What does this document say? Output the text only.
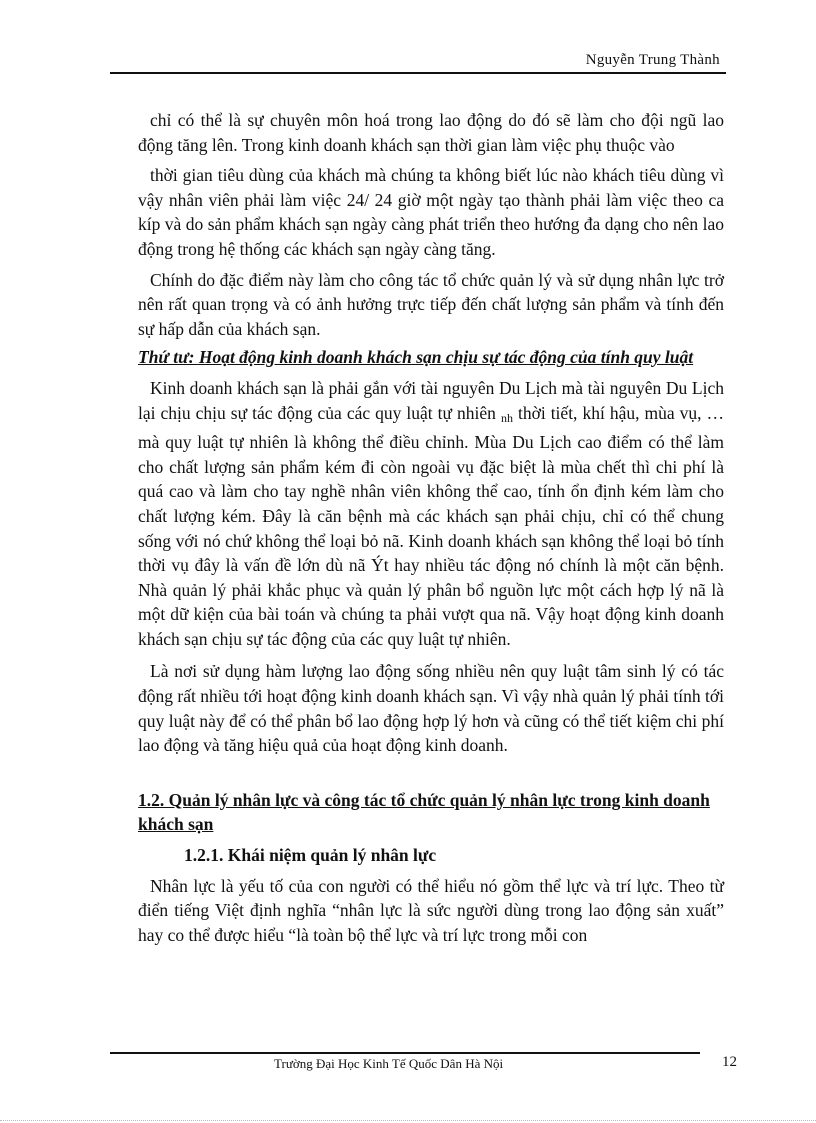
Nguyễn Trung Thành

chỉ có thể là sự chuyên môn hoá trong lao động do đó sẽ làm cho đội ngũ lao động tăng lên. Trong kinh doanh khách sạn thời gian làm việc phụ thuộc vào

thời gian tiêu dùng của khách mà chúng ta không biết lúc nào khách tiêu dùng vì vậy nhân viên phải làm việc 24/ 24 giờ một ngày tạo thành phải làm việc theo ca kíp và do sản phẩm khách sạn ngày càng phát triển theo hướng đa dạng cho nên lao động trong hệ thống các khách sạn ngày càng tăng.

Chính do đặc điểm này làm cho công tác tổ chức quản lý và sử dụng nhân lực trở nên rất quan trọng và có ảnh hưởng trực tiếp đến chất lượng sản phẩm và tính đến sự hấp dẫn của khách sạn.

Thứ tư: Hoạt động kinh doanh khách sạn chịu sự tác động của tính quy luật

Kinh doanh khách sạn là phải gắn với tài nguyên Du Lịch mà tài nguyên Du Lịch lại chịu chịu sự tác động của các quy luật tự nhiên $_{nh}$ thời tiết, khí hậu, mùa vụ, … mà quy luật tự nhiên là không thể điều chỉnh. Mùa Du Lịch cao điểm có thể làm cho chất lượng sản phẩm kém đi còn ngoài vụ đặc biệt là mùa chết thì chi phí là quá cao và làm cho tay nghề nhân viên không thể cao, tính ổn định kém làm cho chất lượng kém. Đây là căn bệnh mà các khách sạn phải chịu, chỉ có thể chung sống với nó chứ không thể loại bỏ nã. Kinh doanh khách sạn không thể loại bỏ tính thời vụ đây là vấn đề lớn dù nã Ýt hay nhiều tác động nó chính là một căn bệnh. Nhà quản lý phải khắc phục và quản lý phân bổ nguồn lực một cách hợp lý nã là một dữ kiện của bài toán và chúng ta phải vượt qua nã. Vậy hoạt động kinh doanh khách sạn chịu sự tác động của các quy luật tự nhiên.

Là nơi sử dụng hàm lượng lao động sống nhiều nên quy luật tâm sinh lý có tác động rất nhiều tới hoạt động kinh doanh khách sạn. Vì vậy nhà quản lý phải tính tới quy luật này để có thể phân bổ lao động hợp lý hơn và cũng có thể tiết kiệm chi phí lao động và tăng hiệu quả của hoạt động kinh doanh.

1.2. Quản lý nhân lực và công tác tổ chức quản lý nhân lực trong kinh doanh khách sạn

1.2.1. Khái niệm quản lý nhân lực

Nhân lực là yếu tố của con người có thể hiểu nó gồm thể lực và trí lực. Theo từ điển tiếng Việt định nghĩa “nhân lực là sức người dùng trong lao động sản xuất” hay co thể được hiểu “là toàn bộ thể lực và trí lực trong mỗi con

Trường Đại Học Kinh Tế Quốc Dân Hà Nội	12
